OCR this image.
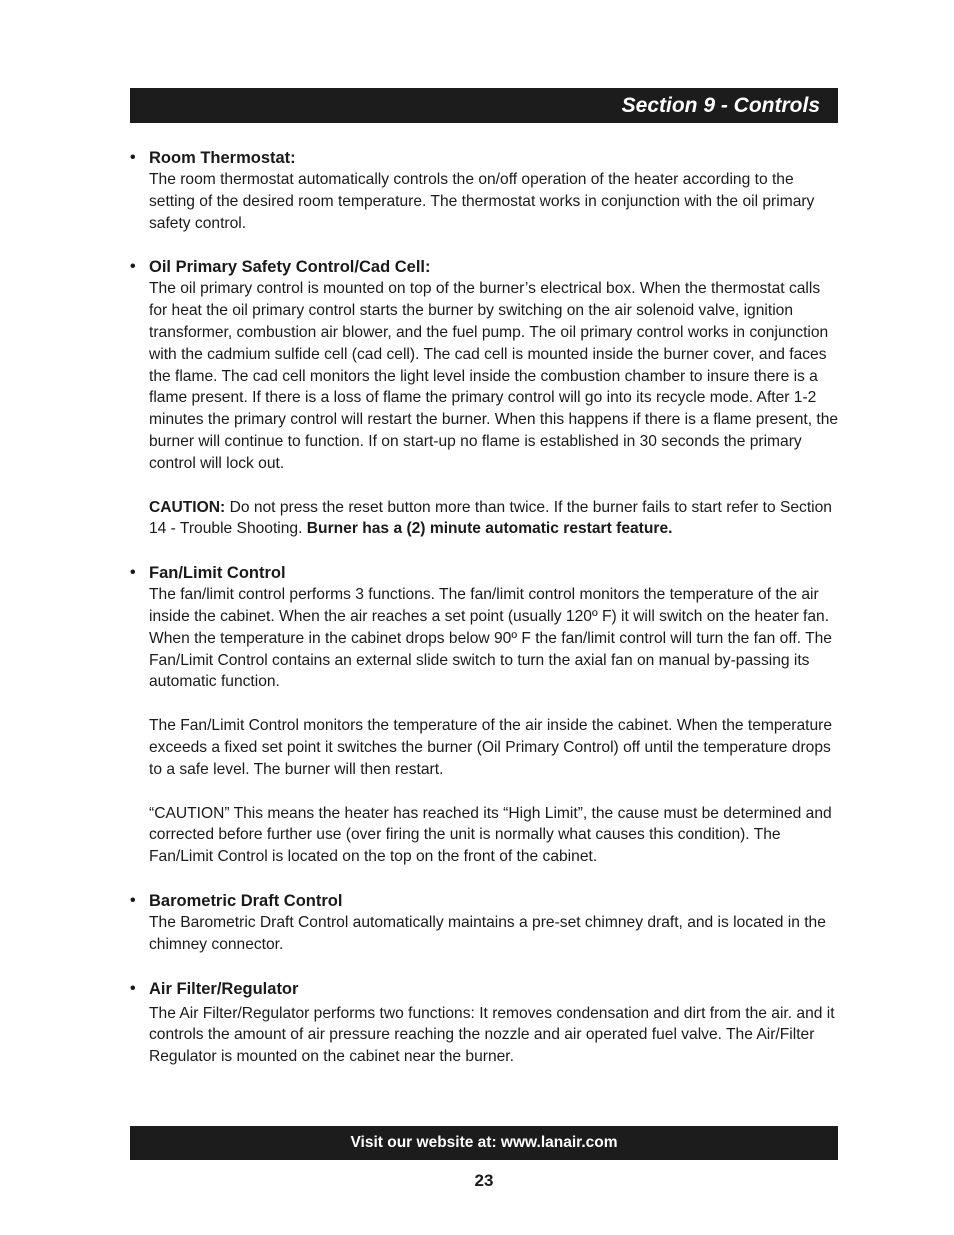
Section 9 - Controls
• Room Thermostat:

The room thermostat automatically controls the on/off operation of the heater according to the setting of the desired room temperature. The thermostat works in conjunction with the oil primary safety control.

• Oil Primary Safety Control/Cad Cell:

The oil primary control is mounted on top of the burner’s electrical box. When the thermostat calls for heat the oil primary control starts the burner by switching on the air solenoid valve, ignition transformer, combustion air blower, and the fuel pump. The oil primary control works in conjunction with the cadmium sulfide cell (cad cell). The cad cell is mounted inside the burner cover, and faces the flame. The cad cell monitors the light level inside the combustion chamber to insure there is a flame present. If there is a loss of flame the primary control will go into its recycle mode. After 1-2 minutes the primary control will restart the burner. When this happens if there is a flame present, the burner will continue to function. If on start-up no flame is established in 30 seconds the primary control will lock out.

CAUTION: Do not press the reset button more than twice. If the burner fails to start refer to Section 14 - Trouble Shooting. Burner has a (2) minute automatic restart feature.

• Fan/Limit Control

The fan/limit control performs 3 functions. The fan/limit control monitors the temperature of the air inside the cabinet. When the air reaches a set point (usually 120º F) it will switch on the heater fan. When the temperature in the cabinet drops below 90º F the fan/limit control will turn the fan off. The Fan/Limit Control contains an external slide switch to turn the axial fan on manual by-passing its automatic function.

The Fan/Limit Control monitors the temperature of the air inside the cabinet. When the temperature exceeds a fixed set point it switches the burner (Oil Primary Control) off until the temperature drops to a safe level. The burner will then restart.

“CAUTION” This means the heater has reached its “High Limit”, the cause must be determined and corrected before further use (over firing the unit is normally what causes this condition). The Fan/Limit Control is located on the top on the front of the cabinet.

• Barometric Draft Control

The Barometric Draft Control automatically maintains a pre-set chimney draft, and is located in the chimney connector.

• Air Filter/Regulator

The Air Filter/Regulator performs two functions: It removes condensation and dirt from the air. and it controls the amount of air pressure reaching the nozzle and air operated fuel valve. The Air/Filter Regulator is mounted on the cabinet near the burner.

Visit our website at: www.lanair.com
23
